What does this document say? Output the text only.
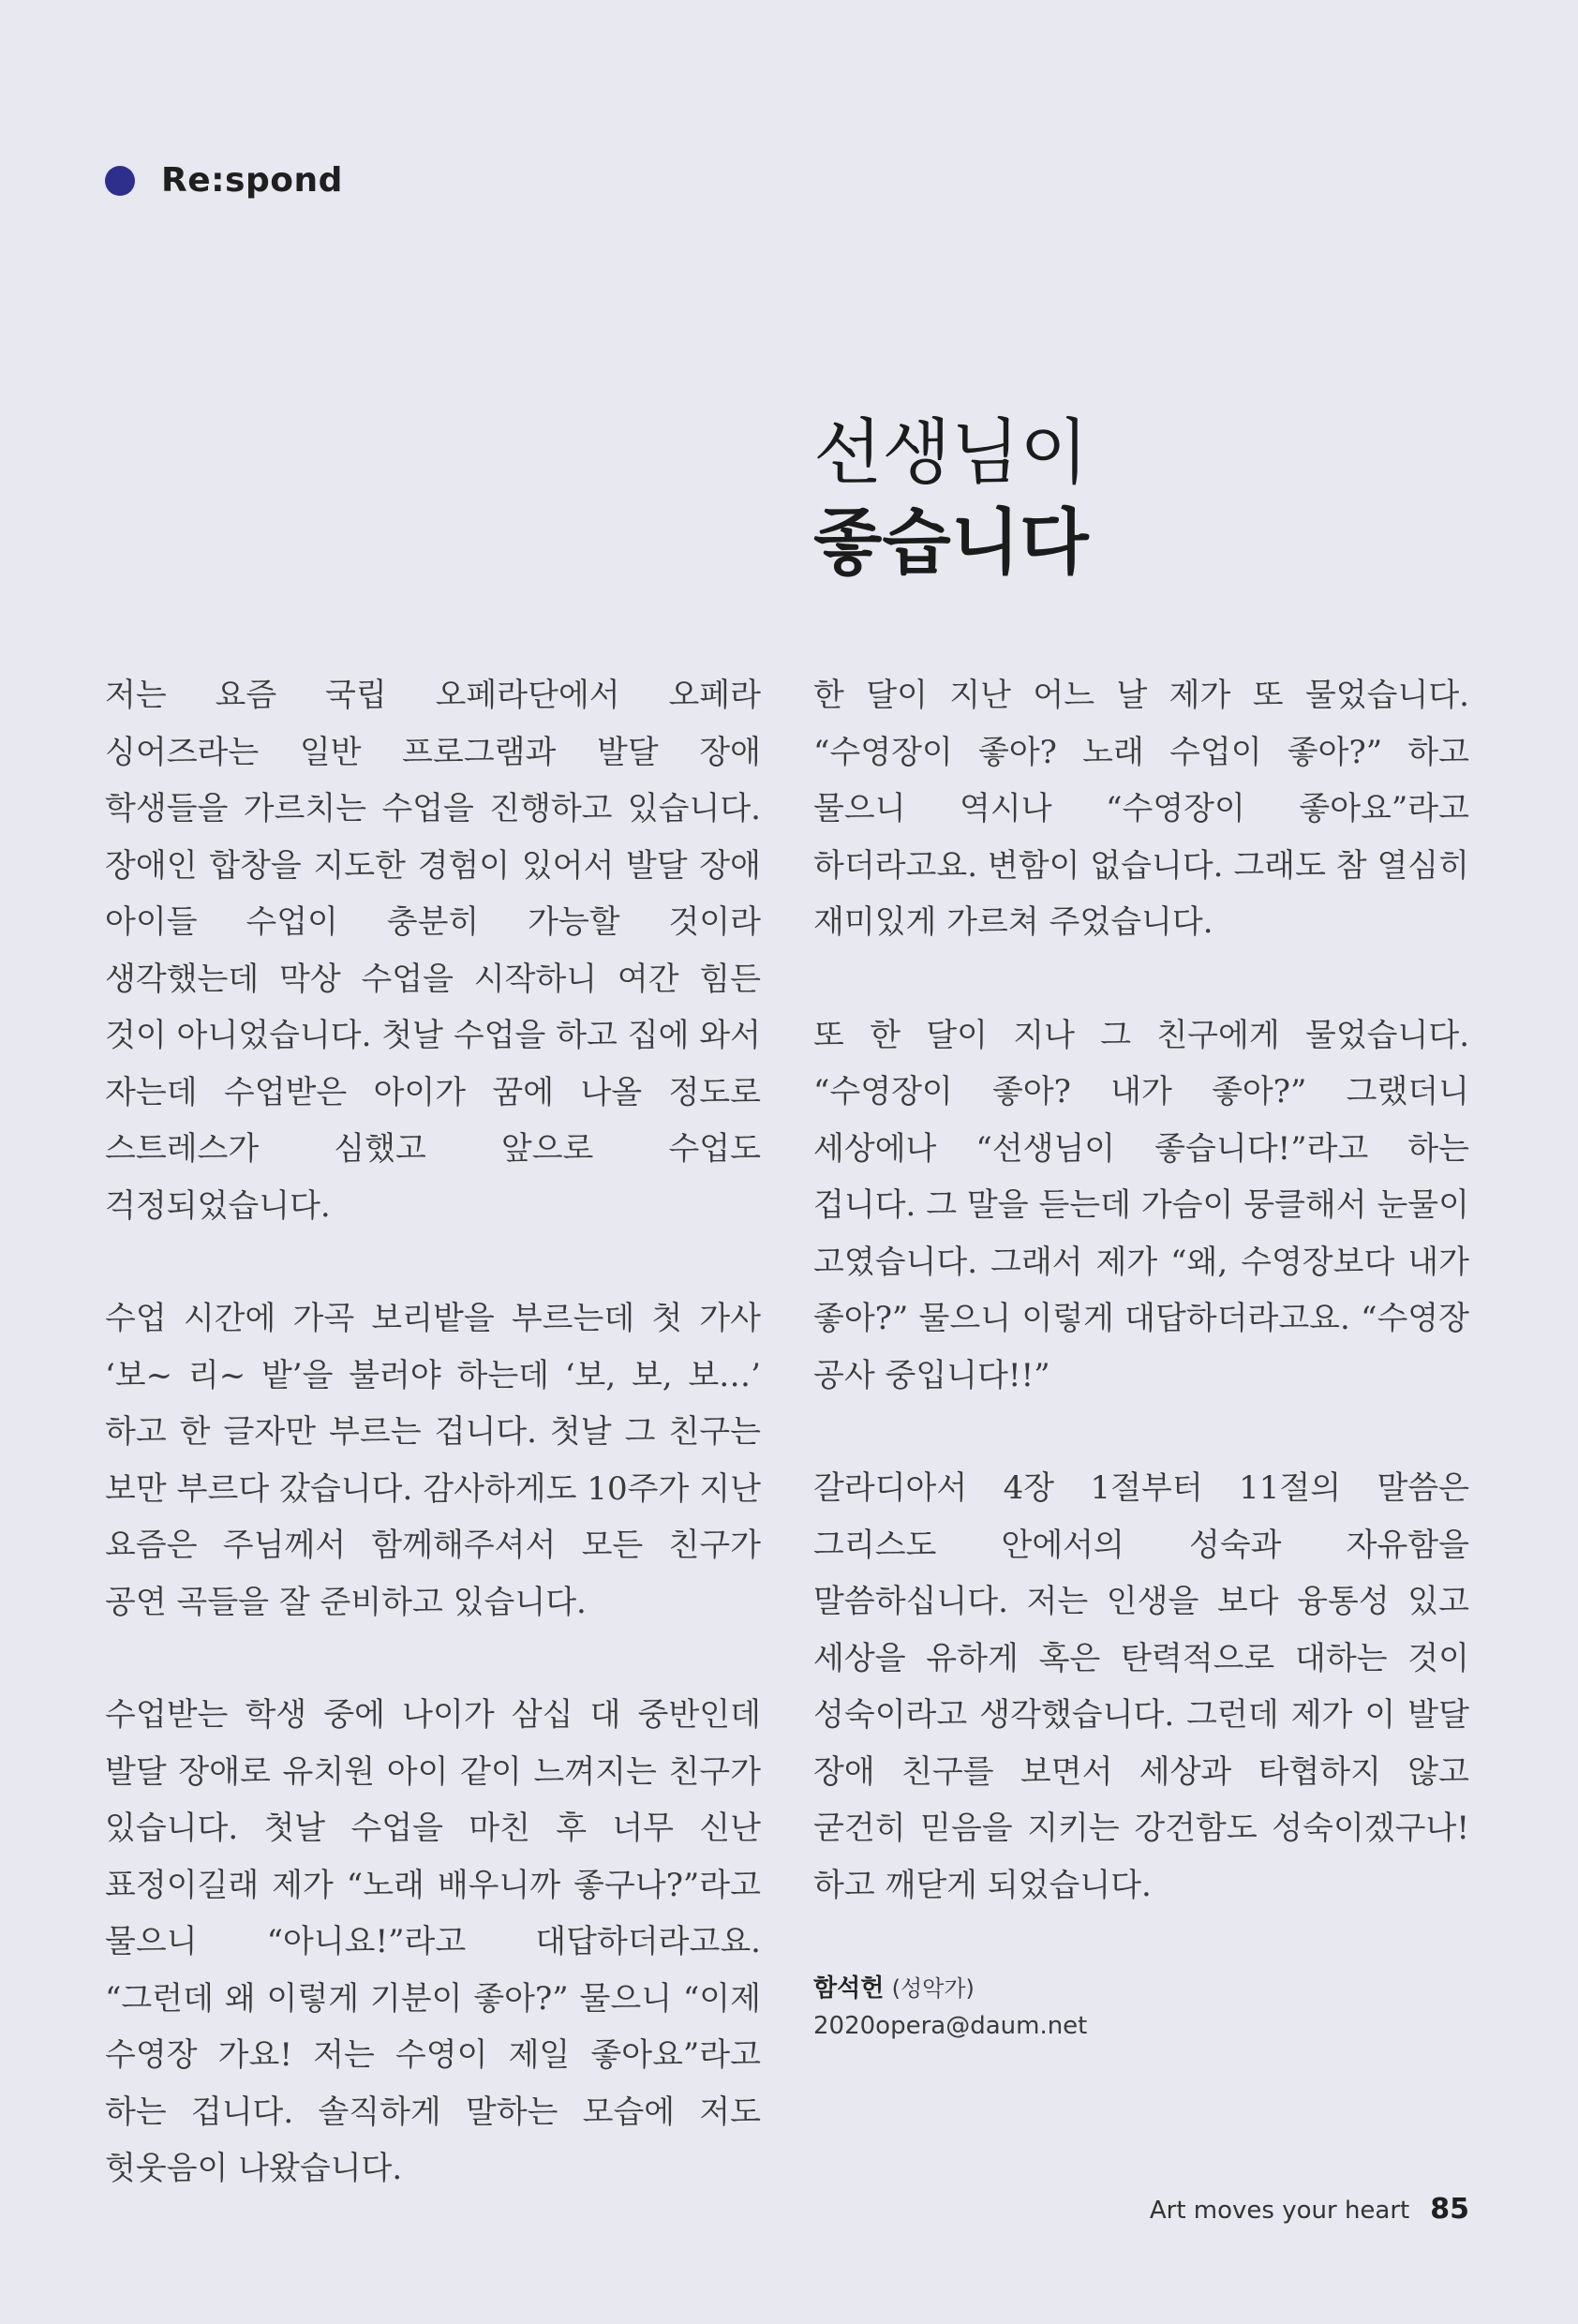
Re:spond
선생님이
좋습니다

저는 요즘 국립 오페라단에서 오페라 싱어즈라는 일반 프로그램과 발달 장애 학생들을 가르치는 수업을 진행하고 있습니다. 장애인 합창을 지도한 경험이 있어서 발달 장애 아이들 수업이 충분히 가능할 것이라 생각했는데 막상 수업을 시작하니 여간 힘든 것이 아니었습니다. 첫날 수업을 하고 집에 와서 자는데 수업받은 아이가 꿈에 나올 정도로 스트레스가 심했고 앞으로 수업도 걱정되었습니다.

수업 시간에 가곡 보리밭을 부르는데 첫 가사 ‘보~ 리~ 밭’을 불러야 하는데 ‘보, 보, 보…’ 하고 한 글자만 부르는 겁니다. 첫날 그 친구는 보만 부르다 갔습니다. 감사하게도 10주가 지난 요즘은 주님께서 함께해주셔서 모든 친구가 공연 곡들을 잘 준비하고 있습니다.

수업받는 학생 중에 나이가 삼십 대 중반인데 발달 장애로 유치원 아이 같이 느껴지는 친구가 있습니다. 첫날 수업을 마친 후 너무 신난 표정이길래 제가 “노래 배우니까 좋구나?”라고 물으니 “아니요!”라고 대답하더라고요. “그런데 왜 이렇게 기분이 좋아?” 물으니 “이제 수영장 가요! 저는 수영이 제일 좋아요”라고 하는 겁니다. 솔직하게 말하는 모습에 저도 헛웃음이 나왔습니다.

한 달이 지난 어느 날 제가 또 물었습니다. “수영장이 좋아? 노래 수업이 좋아?” 하고 물으니 역시나 “수영장이 좋아요”라고 하더라고요. 변함이 없습니다. 그래도 참 열심히 재미있게 가르쳐 주었습니다.

또 한 달이 지나 그 친구에게 물었습니다. “수영장이 좋아? 내가 좋아?” 그랬더니 세상에나 “선생님이 좋습니다!”라고 하는 겁니다. 그 말을 듣는데 가슴이 뭉클해서 눈물이 고였습니다. 그래서 제가 “왜, 수영장보다 내가 좋아?” 물으니 이렇게 대답하더라고요. “수영장 공사 중입니다!!”

갈라디아서 4장 1절부터 11절의 말씀은 그리스도 안에서의 성숙과 자유함을 말씀하십니다. 저는 인생을 보다 융통성 있고 세상을 유하게 혹은 탄력적으로 대하는 것이 성숙이라고 생각했습니다. 그런데 제가 이 발달 장애 친구를 보면서 세상과 타협하지 않고 굳건히 믿음을 지키는 강건함도 성숙이겠구나! 하고 깨닫게 되었습니다.

함석헌 (성악가)
2020opera@daum.net
Art moves your heart 85
